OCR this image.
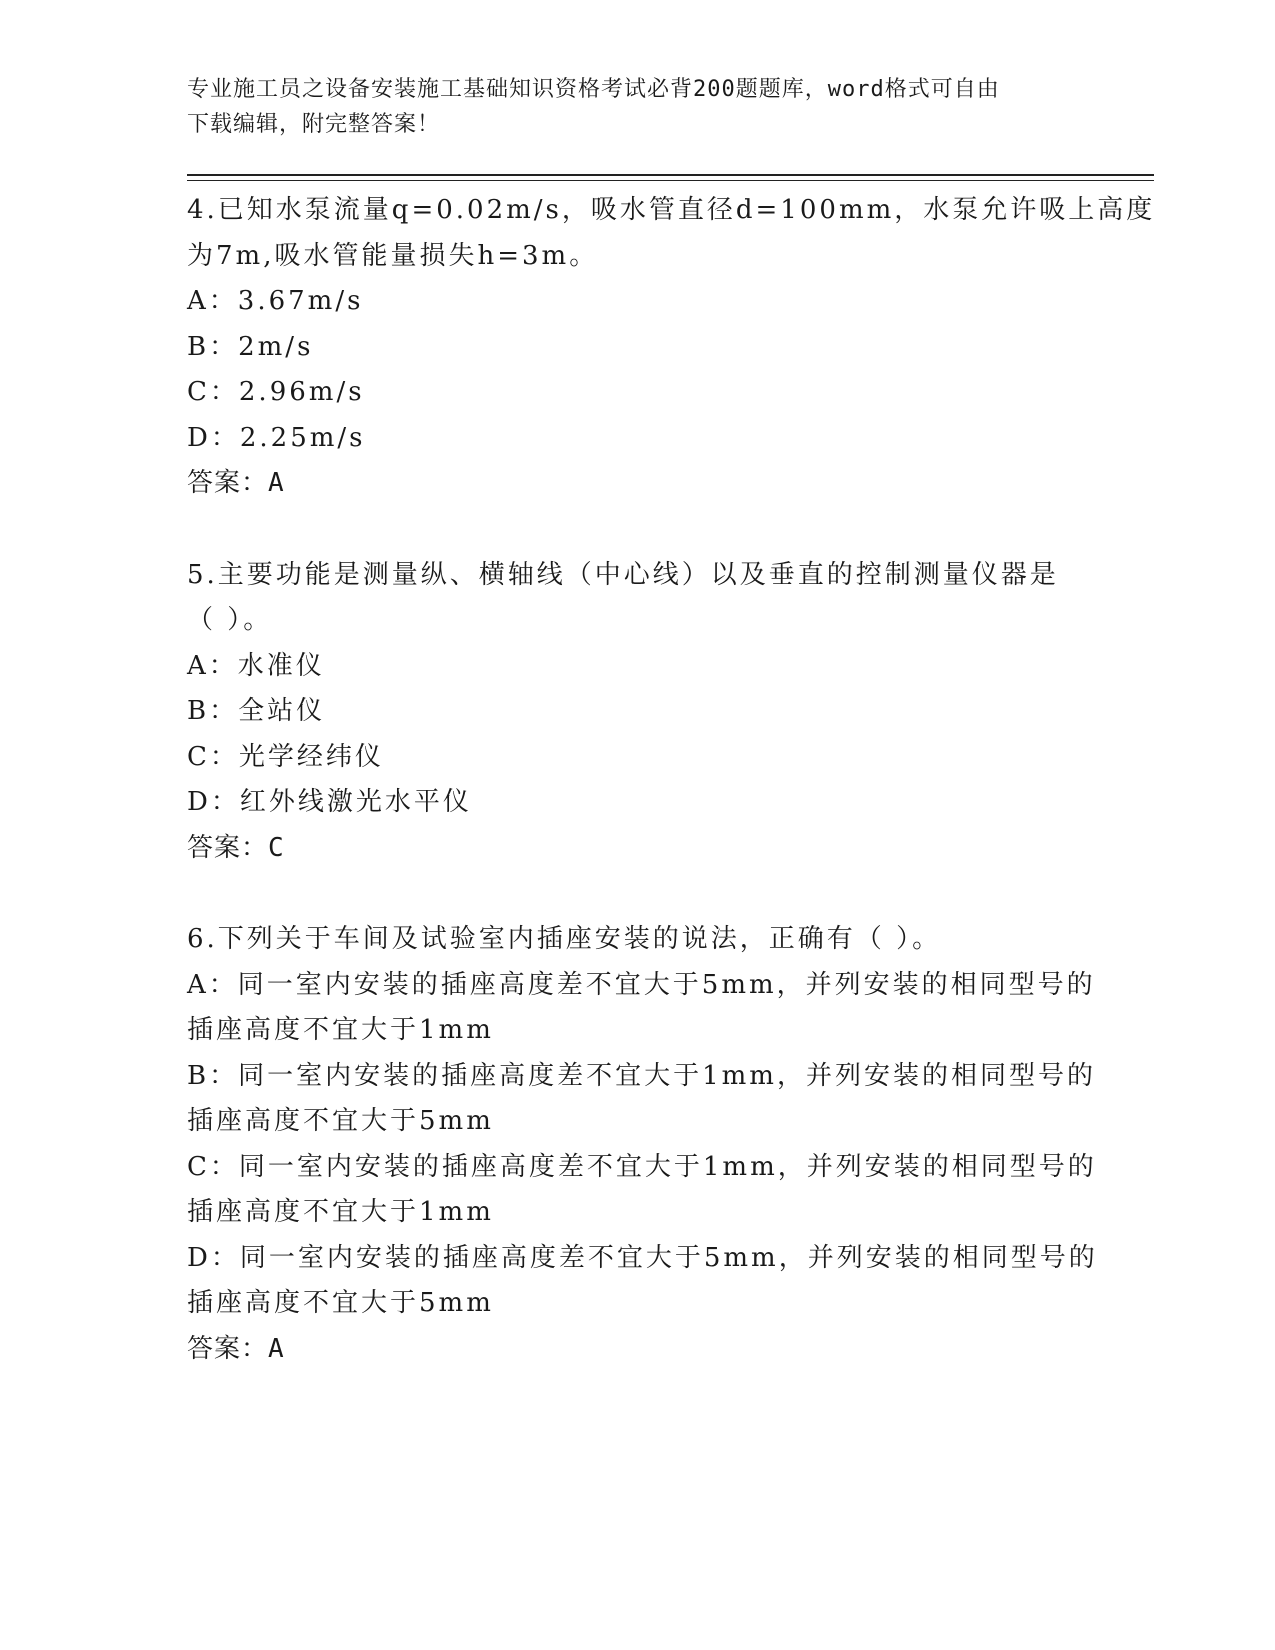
专业施工员之设备安装施工基础知识资格考试必背200题题库，word格式可自由
下载编辑，附完整答案！
4.已知水泵流量q=0.02m/s，吸水管直径d=100mm，水泵允许吸上高度
为7m,吸水管能量损失h=3m。
A：3.67m/s
B：2m/s
C：2.96m/s
D：2.25m/s
答案：A
5.主要功能是测量纵、横轴线（中心线）以及垂直的控制测量仪器是
（ ）。
A：水准仪
B：全站仪
C：光学经纬仪
D：红外线激光水平仪
答案：C
6.下列关于车间及试验室内插座安装的说法，正确有（ ）。
A：同一室内安装的插座高度差不宜大于5mm，并列安装的相同型号的
插座高度不宜大于1mm
B：同一室内安装的插座高度差不宜大于1mm，并列安装的相同型号的
插座高度不宜大于5mm
C：同一室内安装的插座高度差不宜大于1mm，并列安装的相同型号的
插座高度不宜大于1mm
D：同一室内安装的插座高度差不宜大于5mm，并列安装的相同型号的
插座高度不宜大于5mm
答案：A
